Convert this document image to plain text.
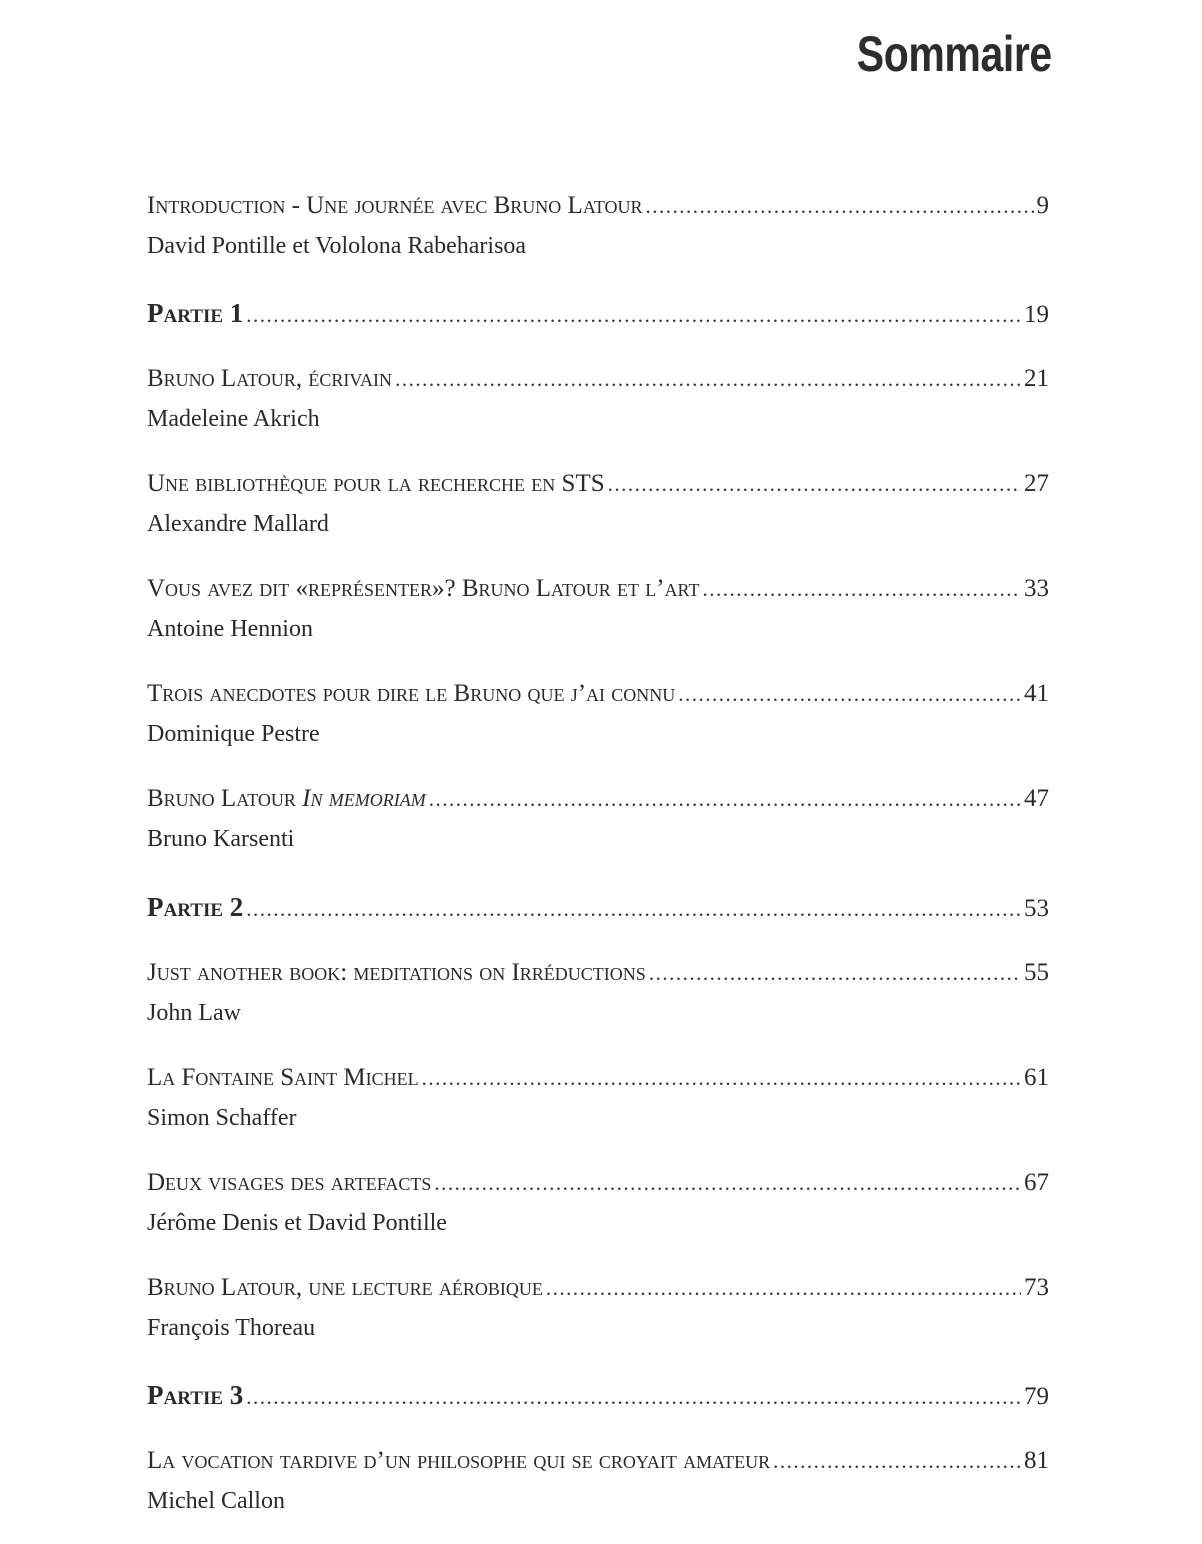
Sommaire
Introduction - Une journée avec Bruno Latour .....	9
David Pontille et Vololona Rabeharisoa
Partie 1 .....	19
Bruno Latour, écrivain .....	21
Madeleine Akrich
Une bibliothèque pour la recherche en STS .....	27
Alexandre Mallard
Vous avez dit «représenter»? Bruno Latour et l’art .....	33
Antoine Hennion
Trois anecdotes pour dire le Bruno que j’ai connu .....	41
Dominique Pestre
Bruno Latour In memoriam .....	47
Bruno Karsenti
Partie 2 .....	53
Just another book: meditations on Irréductions .....	55
John Law
La Fontaine Saint Michel .....	61
Simon Schaffer
Deux visages des artefacts .....	67
Jérôme Denis et David Pontille
Bruno Latour, une lecture aérobique .....	73
François Thoreau
Partie 3 .....	79
La vocation tardive d’un philosophe qui se croyait amateur .....	81
Michel Callon
